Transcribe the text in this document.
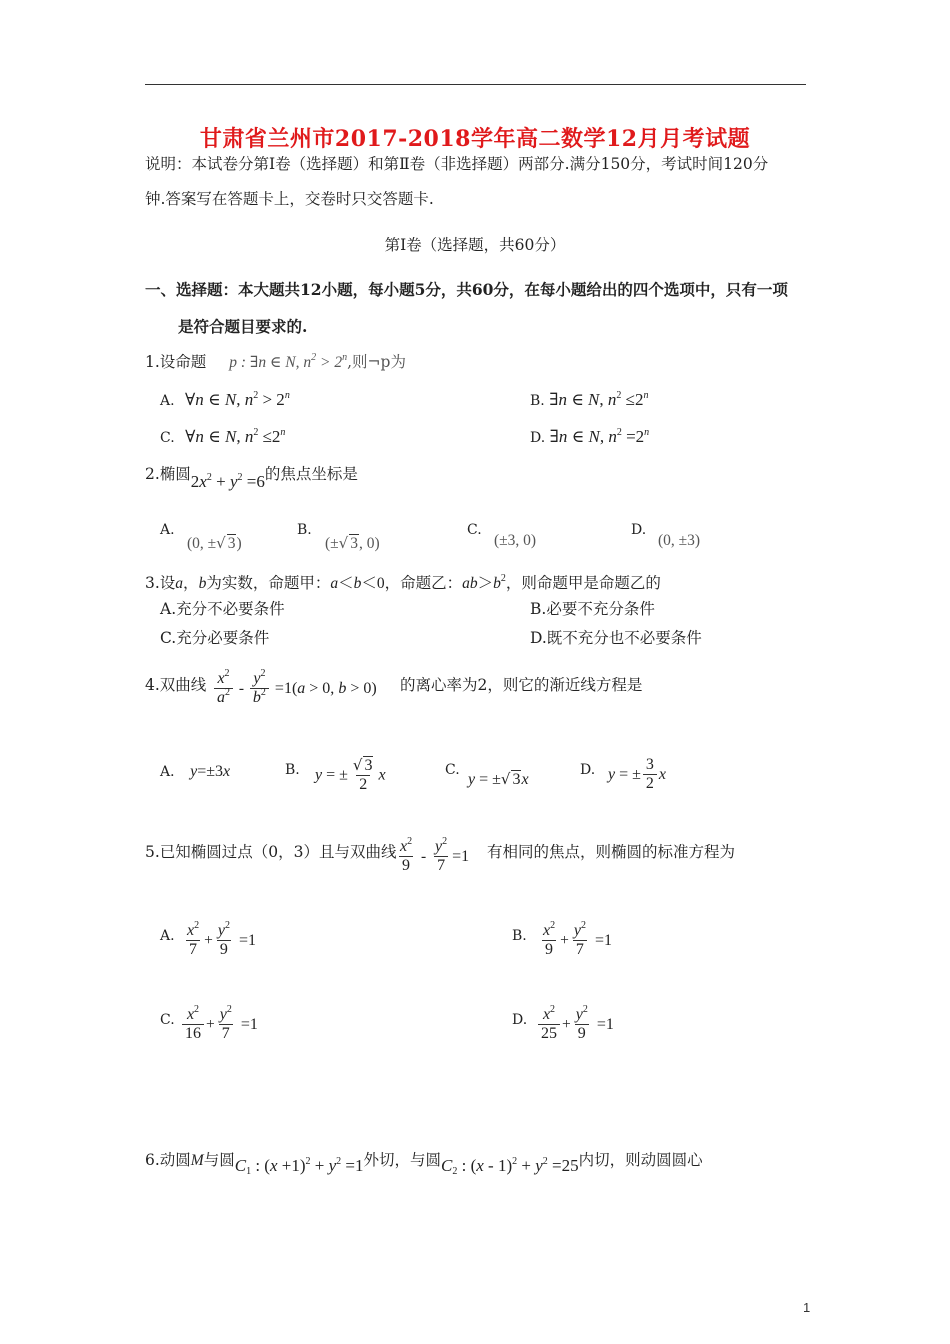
甘肃省兰州市2017-2018学年高二数学12月月考试题
说明：本试卷分第Ⅰ卷（选择题）和第Ⅱ卷（非选择题）两部分.满分150分，考试时间120分
钟.答案写在答题卡上，交卷时只交答题卡.
第Ⅰ卷（选择题，共60分）
一、选择题：本大题共12小题，每小题5分，共60分，在每小题给出的四个选项中，只有一项
是符合题目要求的.
1.设命题 p : ∃n ∈ N, $n^2 > 2^n$,则¬p为
A. ∀n ∈ N, $n^2 > 2^n$	B. ∃n ∈ N, $n^2 \le 2^n$
C. ∀n ∈ N, $n^2 \le 2^n$	D. ∃n ∈ N, $n^2 =2^n$
2.椭圆$2x^2 + y^2 =6$的焦点坐标是
A.
(0, ±√ 3)
B.
(±√ 3, 0)
C.
(±3, 0)
D.
(0, ±3)
3.设a，b为实数，命题甲：a＜b＜0，命题乙：$ab>b^2$，则命题甲是命题乙的
A.充分不必要条件	B.必要不充分条件
C.充分必要条件	D.既不充分也不必要条件
4.双曲线 $\frac{x^2}{a^2} - \frac{y^2}{b^2} =1(a > 0$, b > 0) 的离心率为2，则它的渐近线方程是
A． y=±3x	B. y = ± $\frac{√ 3}{2}$ x	C.
y = ±√ 3x
D. y = ± $\frac{3}{2}$ x
5.已知椭圆过点（0，3）且与双曲线 $\frac{x^2}{9} - \frac{y^2}{7} =1$ 有相同的焦点，则椭圆的标准方程为
A. $\frac{x^2}{7} + \frac{y^2}{9} =1$	B. $\frac{x^2}{9} + \frac{y^2}{7} =1$
C. $\frac{x^2}{16} + \frac{y^2}{7} =1$	D. $\frac{x^2}{25} + \frac{y^2}{9} =1$
6.动圆M与圆$C_1$ : $(x +1)^2 + y^2 =1$外切，与圆$C_2$ : $(x - 1)^2 + y^2 =25$内切，则动圆圆心
1
